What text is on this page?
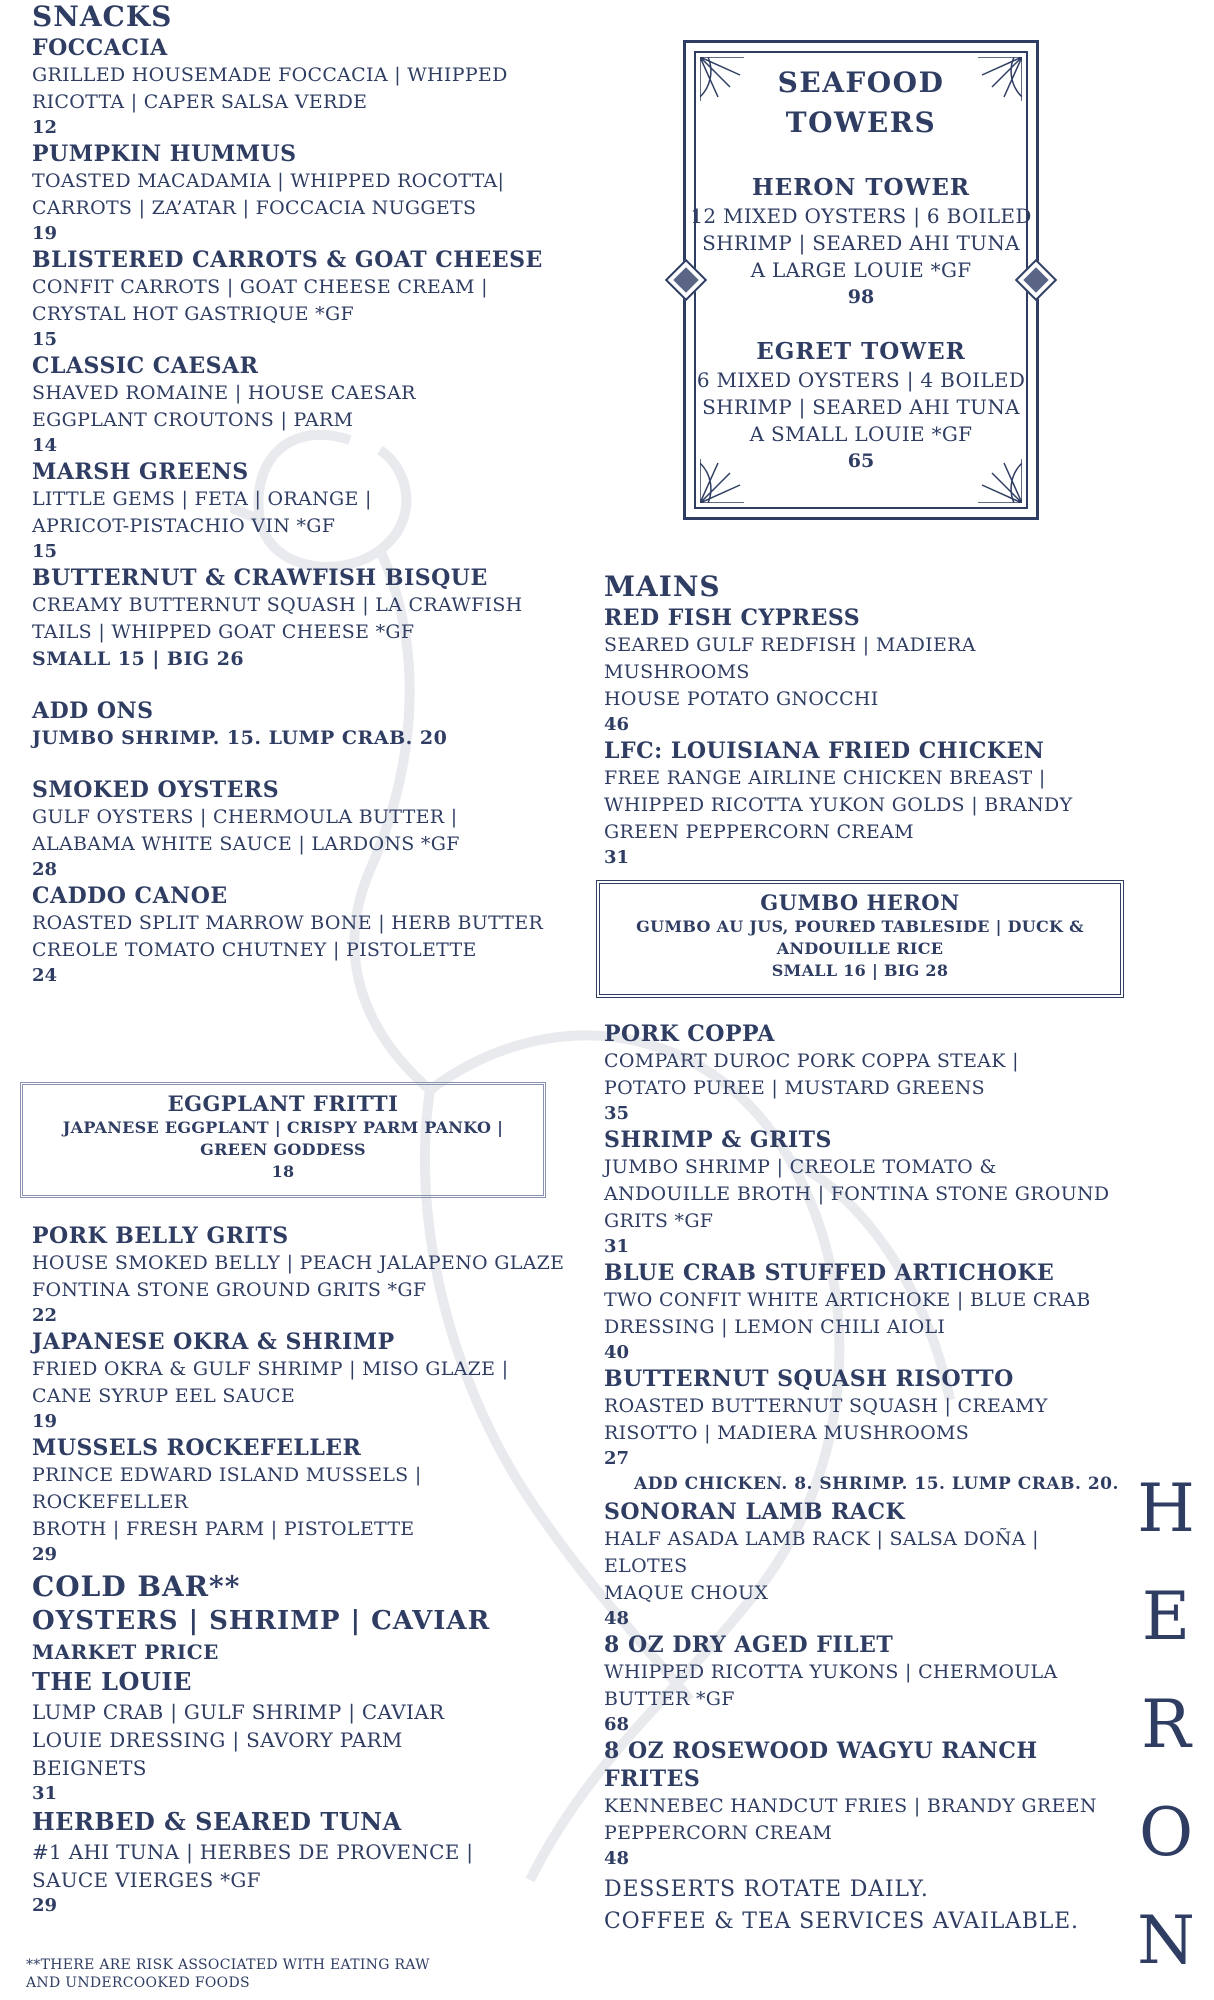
SNACKS
FOCCACIA
GRILLED HOUSEMADE FOCCACIA | WHIPPED
RICOTTA | CAPER SALSA VERDE
12
PUMPKIN HUMMUS
TOASTED MACADAMIA | WHIPPED ROCOTTA|
CARROTS | ZA’ATAR | FOCCACIA NUGGETS
19
BLISTERED CARROTS & GOAT CHEESE
CONFIT CARROTS | GOAT CHEESE CREAM |
CRYSTAL HOT GASTRIQUE *GF
15
CLASSIC CAESAR
SHAVED ROMAINE | HOUSE CAESAR
EGGPLANT CROUTONS | PARM
14
MARSH GREENS
LITTLE GEMS | FETA | ORANGE |
APRICOT-PISTACHIO VIN *GF
15
BUTTERNUT & CRAWFISH BISQUE
CREAMY BUTTERNUT SQUASH | LA CRAWFISH
TAILS | WHIPPED GOAT CHEESE *GF
SMALL 15 | BIG 26
ADD ONS
JUMBO SHRIMP. 15. LUMP CRAB. 20
SMOKED OYSTERS
GULF OYSTERS | CHERMOULA BUTTER |
ALABAMA WHITE SAUCE | LARDONS *GF
28
CADDO CANOE
ROASTED SPLIT MARROW BONE | HERB BUTTER
CREOLE TOMATO CHUTNEY | PISTOLETTE
24
EGGPLANT FRITTI
JAPANESE EGGPLANT | CRISPY PARM PANKO | GREEN GODDESS
18
PORK BELLY GRITS
HOUSE SMOKED BELLY | PEACH JALAPENO GLAZE
FONTINA STONE GROUND GRITS *GF
22
JAPANESE OKRA & SHRIMP
FRIED OKRA & GULF SHRIMP | MISO GLAZE |
CANE SYRUP EEL SAUCE
19
MUSSELS ROCKEFELLER
PRINCE EDWARD ISLAND MUSSELS | ROCKEFELLER
BROTH | FRESH PARM | PISTOLETTE
29
COLD BAR**
OYSTERS | SHRIMP | CAVIAR
MARKET PRICE
THE LOUIE
LUMP CRAB | GULF SHRIMP | CAVIAR
LOUIE DRESSING | SAVORY PARM
BEIGNETS
31
HERBED & SEARED TUNA
#1 AHI TUNA | HERBES DE PROVENCE |
SAUCE VIERGES *GF
29
**THERE ARE RISK ASSOCIATED WITH EATING RAW
AND UNDERCOOKED FOODS
SEAFOOD
TOWERS
HERON TOWER
12 MIXED OYSTERS | 6 BOILED
SHRIMP | SEARED AHI TUNA
A LARGE LOUIE *GF
98
EGRET TOWER
6 MIXED OYSTERS | 4 BOILED
SHRIMP | SEARED AHI TUNA
A SMALL LOUIE *GF
65
MAINS
RED FISH CYPRESS
SEARED GULF REDFISH | MADIERA MUSHROOMS
HOUSE POTATO GNOCCHI
46
LFC: LOUISIANA FRIED CHICKEN
FREE RANGE AIRLINE CHICKEN BREAST |
WHIPPED RICOTTA YUKON GOLDS | BRANDY
GREEN PEPPERCORN CREAM
31
GUMBO HERON
GUMBO AU JUS, POURED TABLESIDE | DUCK & ANDOUILLE RICE
SMALL 16 | BIG 28
PORK COPPA
COMPART DUROC PORK COPPA STEAK |
POTATO PUREE | MUSTARD GREENS
35
SHRIMP & GRITS
JUMBO SHRIMP | CREOLE TOMATO &
ANDOUILLE BROTH | FONTINA STONE GROUND
GRITS *GF
31
BLUE CRAB STUFFED ARTICHOKE
TWO CONFIT WHITE ARTICHOKE | BLUE CRAB
DRESSING | LEMON CHILI AIOLI
40
BUTTERNUT SQUASH RISOTTO
ROASTED BUTTERNUT SQUASH | CREAMY
RISOTTO | MADIERA MUSHROOMS
27
ADD CHICKEN. 8. SHRIMP. 15. LUMP CRAB. 20.
SONORAN LAMB RACK
HALF ASADA LAMB RACK | SALSA DOÑA | ELOTES
MAQUE CHOUX
48
8 OZ DRY AGED FILET
WHIPPED RICOTTA YUKONS | CHERMOULA
BUTTER *GF
68
8 OZ ROSEWOOD WAGYU RANCH FRITES
KENNEBEC HANDCUT FRIES | BRANDY GREEN
PEPPERCORN CREAM
48
DESSERTS ROTATE DAILY.
COFFEE & TEA SERVICES AVAILABLE.
H
E
R
O
N
